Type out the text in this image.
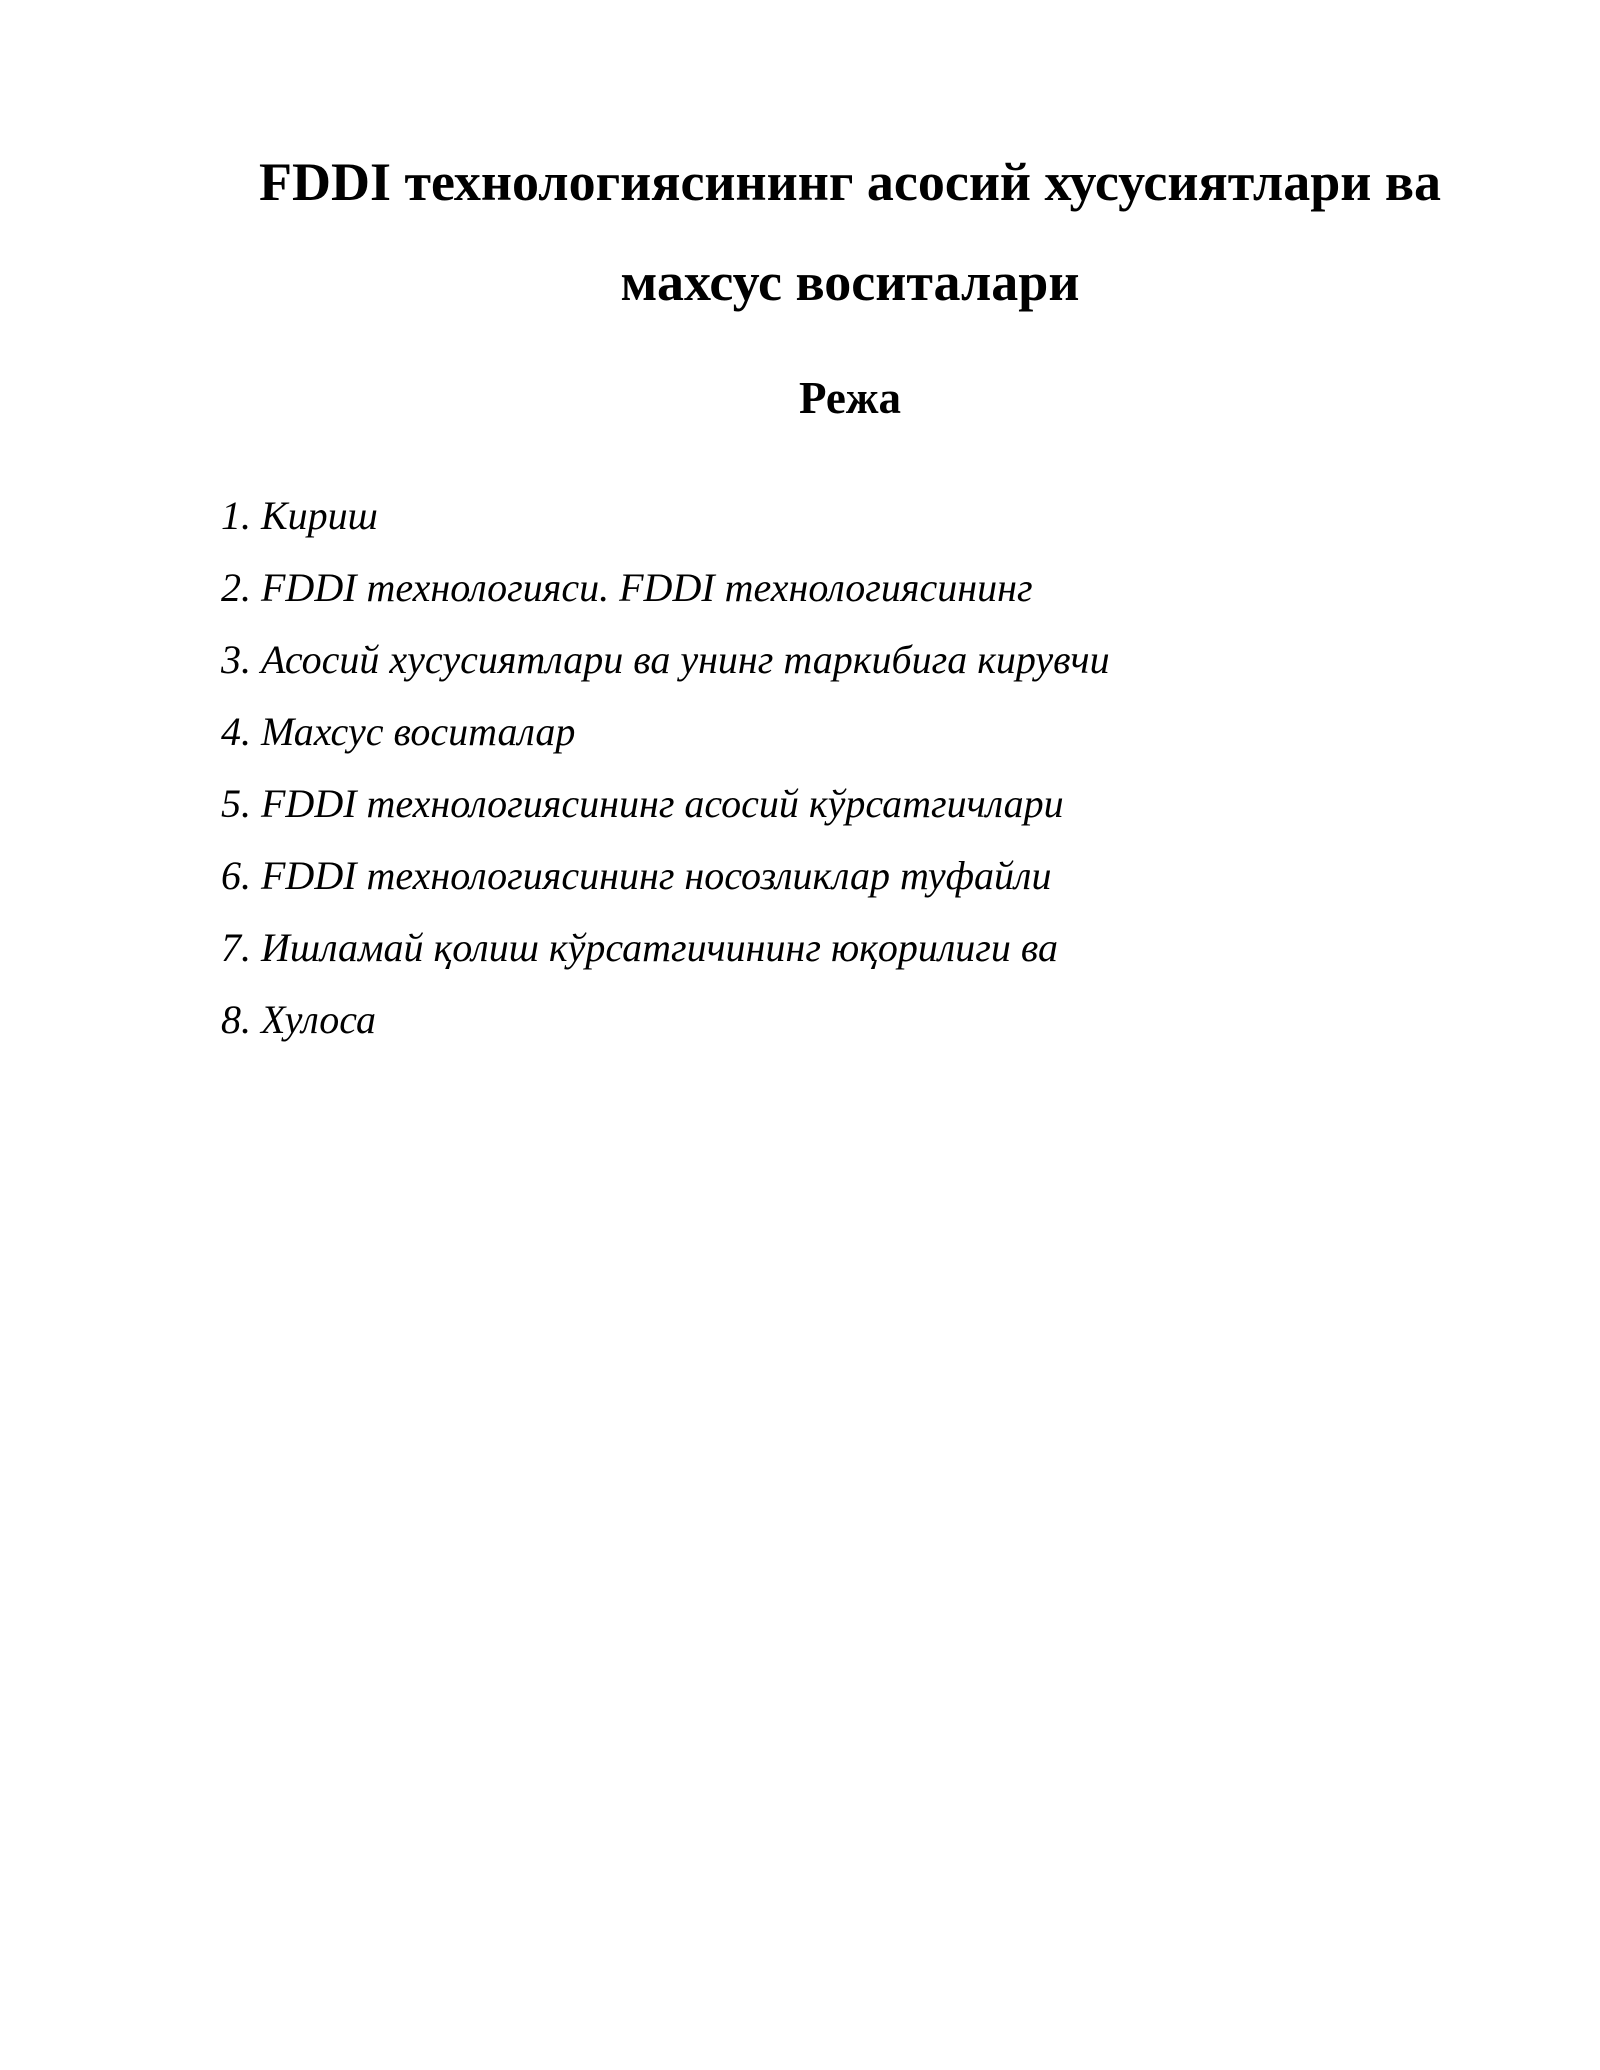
FDDI технологиясининг асосий хусусиятлари ва махсус воситалари
Режа
1. Кириш
2. FDDI технологияси. FDDI технологиясининг
3. Асосий хусусиятлари ва унинг таркибига кирувчи
4. Махсус воситалар
5. FDDI технологиясининг асосий кўрсатгичлари
6. FDDI технологиясининг носозликлар туфайли
7. Ишламай қолиш кўрсатгичининг юқорилиги ва
8. Хулоса
